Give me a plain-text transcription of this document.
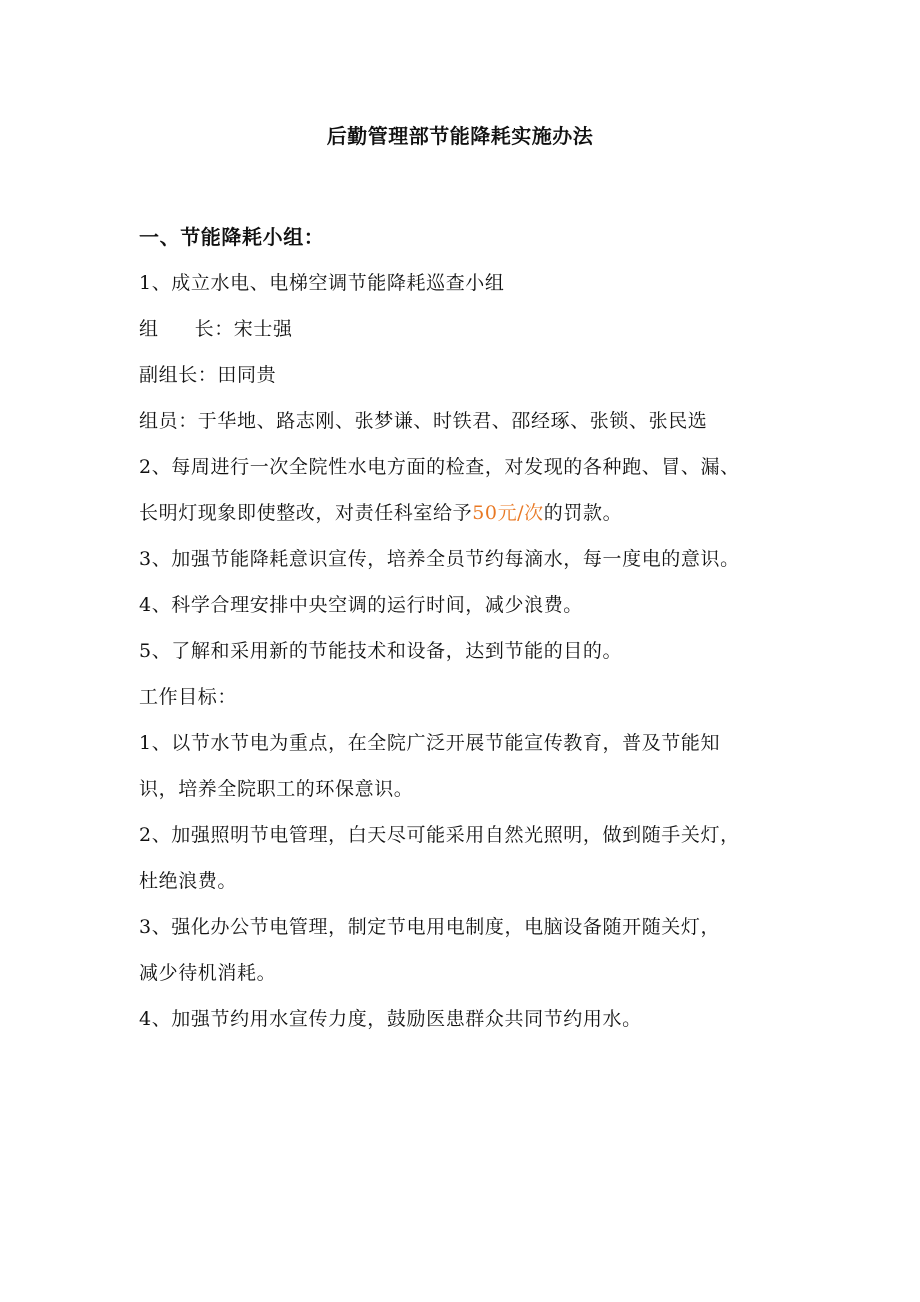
后勤管理部节能降耗实施办法
一、节能降耗小组：
1、成立水电、电梯空调节能降耗巡查小组
组 长：宋士强
副组长：田同贵
组员：于华地、路志刚、张梦谦、时铁君、邵经琢、张锁、张民选
2、每周进行一次全院性水电方面的检查，对发现的各种跑、冒、漏、
长明灯现象即使整改，对责任科室给予50元/次的罚款。
3、加强节能降耗意识宣传，培养全员节约每滴水，每一度电的意识。
4、科学合理安排中央空调的运行时间，减少浪费。
5、了解和采用新的节能技术和设备，达到节能的目的。
工作目标：
1、以节水节电为重点，在全院广泛开展节能宣传教育，普及节能知
识，培养全院职工的环保意识。
2、加强照明节电管理，白天尽可能采用自然光照明，做到随手关灯，
杜绝浪费。
3、强化办公节电管理，制定节电用电制度，电脑设备随开随关灯，
减少待机消耗。
4、加强节约用水宣传力度，鼓励医患群众共同节约用水。
